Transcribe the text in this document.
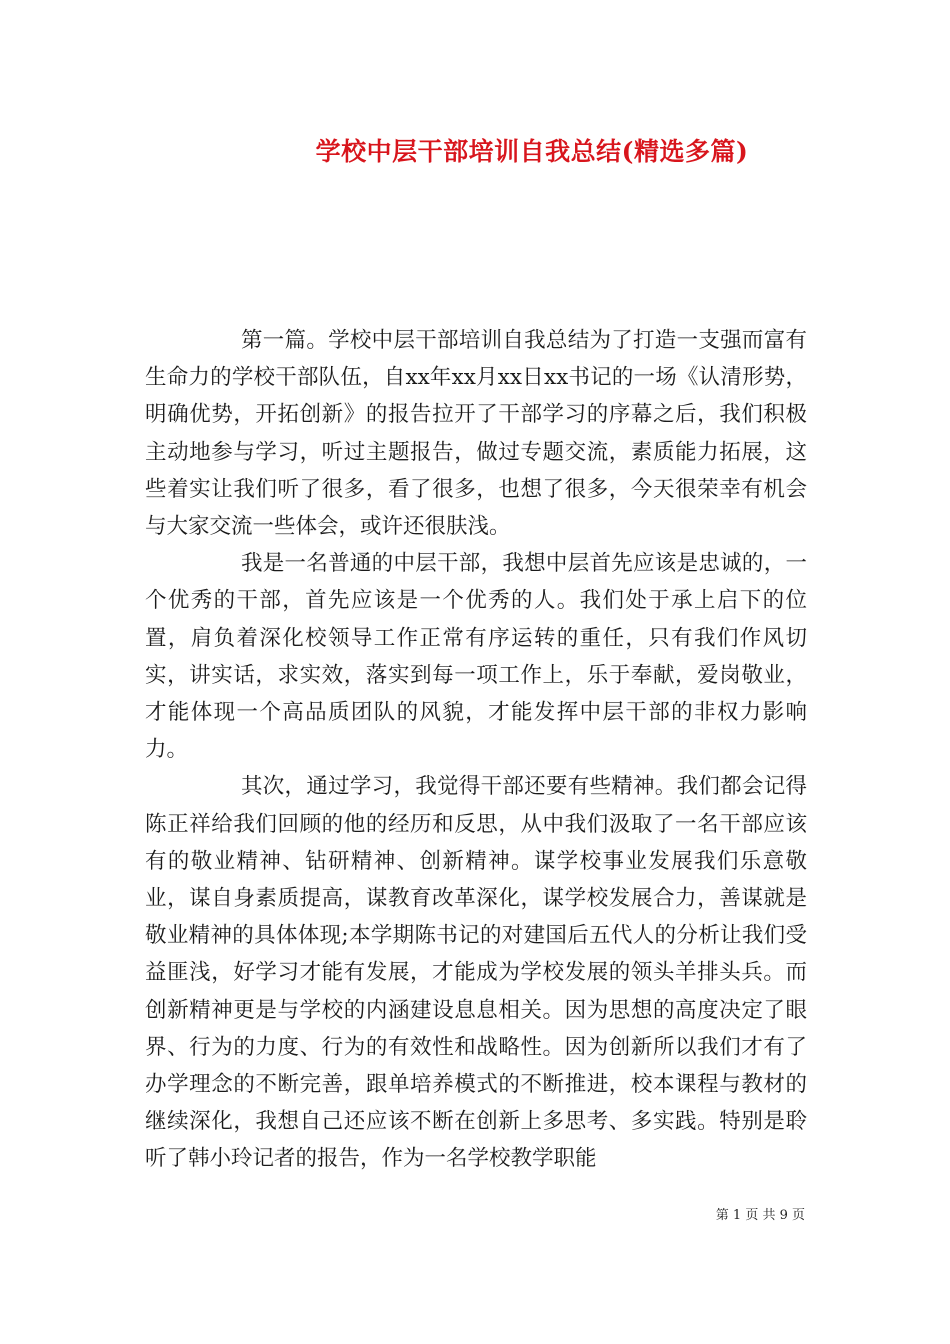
学校中层干部培训自我总结(精选多篇)

第一篇。学校中层干部培训自我总结为了打造一支强而富有生命力的学校干部队伍，自xx年xx月xx日xx书记的一场《认清形势，明确优势，开拓创新》的报告拉开了干部学习的序幕之后，我们积极主动地参与学习，听过主题报告，做过专题交流，素质能力拓展，这些着实让我们听了很多，看了很多，也想了很多，今天很荣幸有机会与大家交流一些体会，或许还很肤浅。

我是一名普通的中层干部，我想中层首先应该是忠诚的，一个优秀的干部，首先应该是一个优秀的人。我们处于承上启下的位置，肩负着深化校领导工作正常有序运转的重任，只有我们作风切实，讲实话，求实效，落实到每一项工作上，乐于奉献，爱岗敬业，才能体现一个高品质团队的风貌，才能发挥中层干部的非权力影响力。

其次，通过学习，我觉得干部还要有些精神。我们都会记得陈正祥给我们回顾的他的经历和反思，从中我们汲取了一名干部应该有的敬业精神、钻研精神、创新精神。谋学校事业发展我们乐意敬业，谋自身素质提高，谋教育改革深化，谋学校发展合力，善谋就是敬业精神的具体体现;本学期陈书记的对建国后五代人的分析让我们受益匪浅，好学习才能有发展，才能成为学校发展的领头羊排头兵。而创新精神更是与学校的内涵建设息息相关。因为思想的高度决定了眼界、行为的力度、行为的有效性和战略性。因为创新所以我们才有了办学理念的不断完善，跟单培养模式的不断推进，校本课程与教材的继续深化，我想自己还应该不断在创新上多思考、多实践。特别是聆听了韩小玲记者的报告，作为一名学校教学职能

第 1 页 共 9 页
